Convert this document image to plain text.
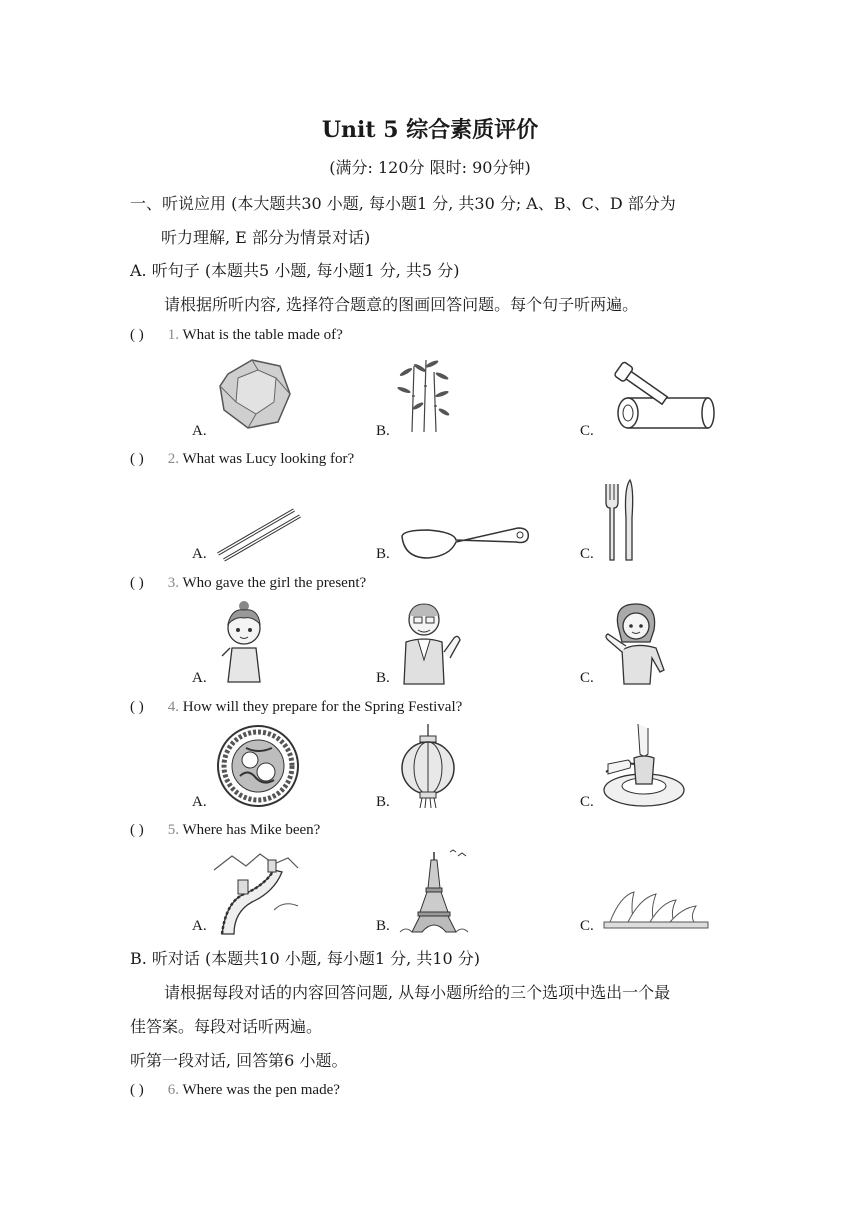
Unit 5 综合素质评价
(满分: 120分 限时: 90分钟)
一、听说应用 (本大题共30 小题, 每小题1 分, 共30 分; A、B、C、D 部分为
听力理解, E 部分为情景对话)
A. 听句子 (本题共5 小题, 每小题1 分, 共5 分)
请根据所听内容, 选择符合题意的图画回答问题。每个句子听两遍。
( ) 1. What is the table made of?
A.	B.	C.
( ) 2. What was Lucy looking for?
A.	B.	C.
( ) 3. Who gave the girl the present?
A.	B.	C.
( ) 4. How will they prepare for the Spring Festival?
A.	B.	C.
( ) 5. Where has Mike been?
A.	B.	C.
B. 听对话 (本题共10 小题, 每小题1 分, 共10 分)
请根据每段对话的内容回答问题, 从每小题所给的三个选项中选出一个最
佳答案。每段对话听两遍。
听第一段对话, 回答第6 小题。
( ) 6. Where was the pen made?
